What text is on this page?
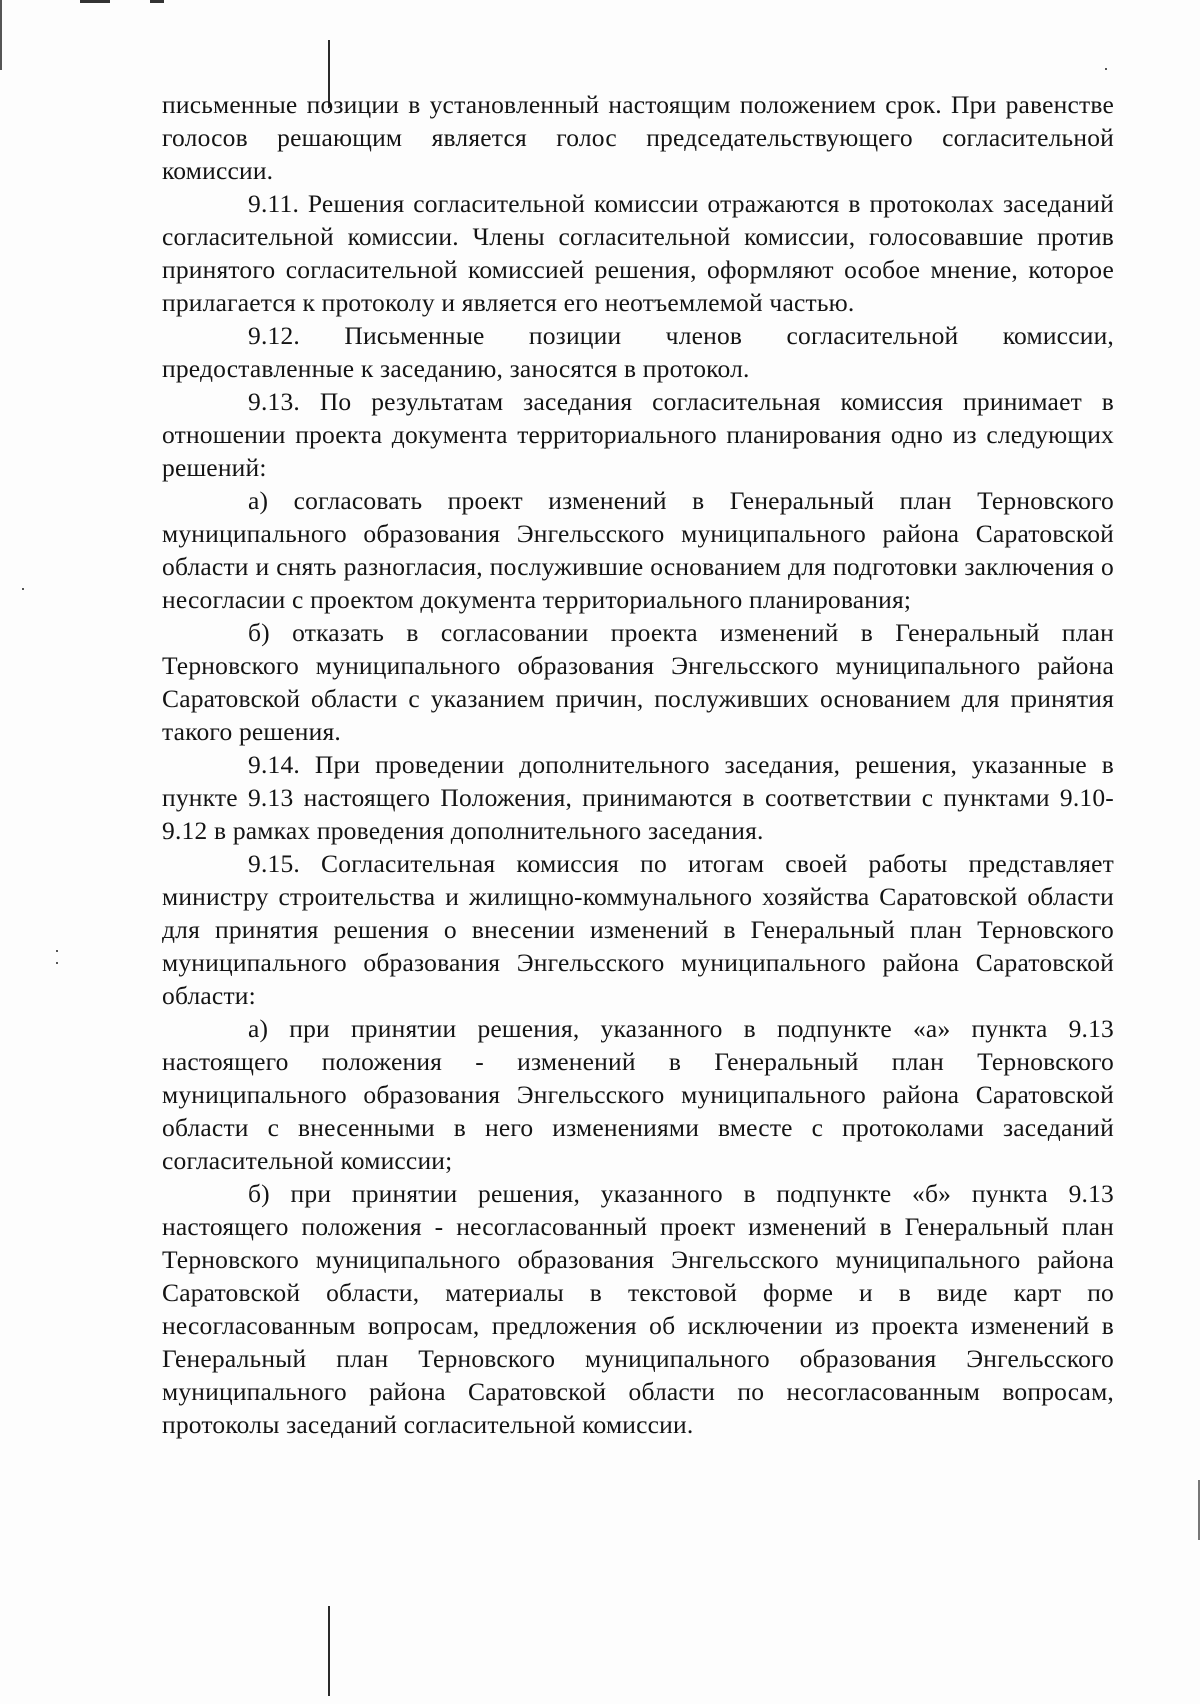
письменные позиции в установленный настоящим положением срок. При равенстве голосов решающим является голос председательствующего согласительной комиссии.

9.11. Решения согласительной комиссии отражаются в протоколах заседаний согласительной комиссии. Члены согласительной комиссии, голосовавшие против принятого согласительной комиссией решения, оформляют особое мнение, которое прилагается к протоколу и является его неотъемлемой частью.

9.12. Письменные позиции членов согласительной комиссии, предоставленные к заседанию, заносятся в протокол.

9.13. По результатам заседания согласительная комиссия принимает в отношении проекта документа территориального планирования одно из следующих решений:

а) согласовать проект изменений в Генеральный план Терновского муниципального образования Энгельсского муниципального района Саратовской области и снять разногласия, послужившие основанием для подготовки заключения о несогласии с проектом документа территориального планирования;

б) отказать в согласовании проекта изменений в Генеральный план Терновского муниципального образования Энгельсского муниципального района Саратовской области с указанием причин, послуживших основанием для принятия такого решения.

9.14. При проведении дополнительного заседания, решения, указанные в пункте 9.13 настоящего Положения, принимаются в соответствии с пунктами 9.10-9.12 в рамках проведения дополнительного заседания.

9.15. Согласительная комиссия по итогам своей работы представляет министру строительства и жилищно-коммунального хозяйства Саратовской области для принятия решения о внесении изменений в Генеральный план Терновского муниципального образования Энгельсского муниципального района Саратовской области:

а) при принятии решения, указанного в подпункте «а» пункта 9.13 настоящего положения - изменений в Генеральный план Терновского муниципального образования Энгельсского муниципального района Саратовской области с внесенными в него изменениями вместе с протоколами заседаний согласительной комиссии;

б) при принятии решения, указанного в подпункте «б» пункта 9.13 настоящего положения - несогласованный проект изменений в Генеральный план Терновского муниципального образования Энгельсского муниципального района Саратовской области, материалы в текстовой форме и в виде карт по несогласованным вопросам, предложения об исключении из проекта изменений в Генеральный план Терновского муниципального образования Энгельсского муниципального района Саратовской области по несогласованным вопросам, протоколы заседаний согласительной комиссии.
